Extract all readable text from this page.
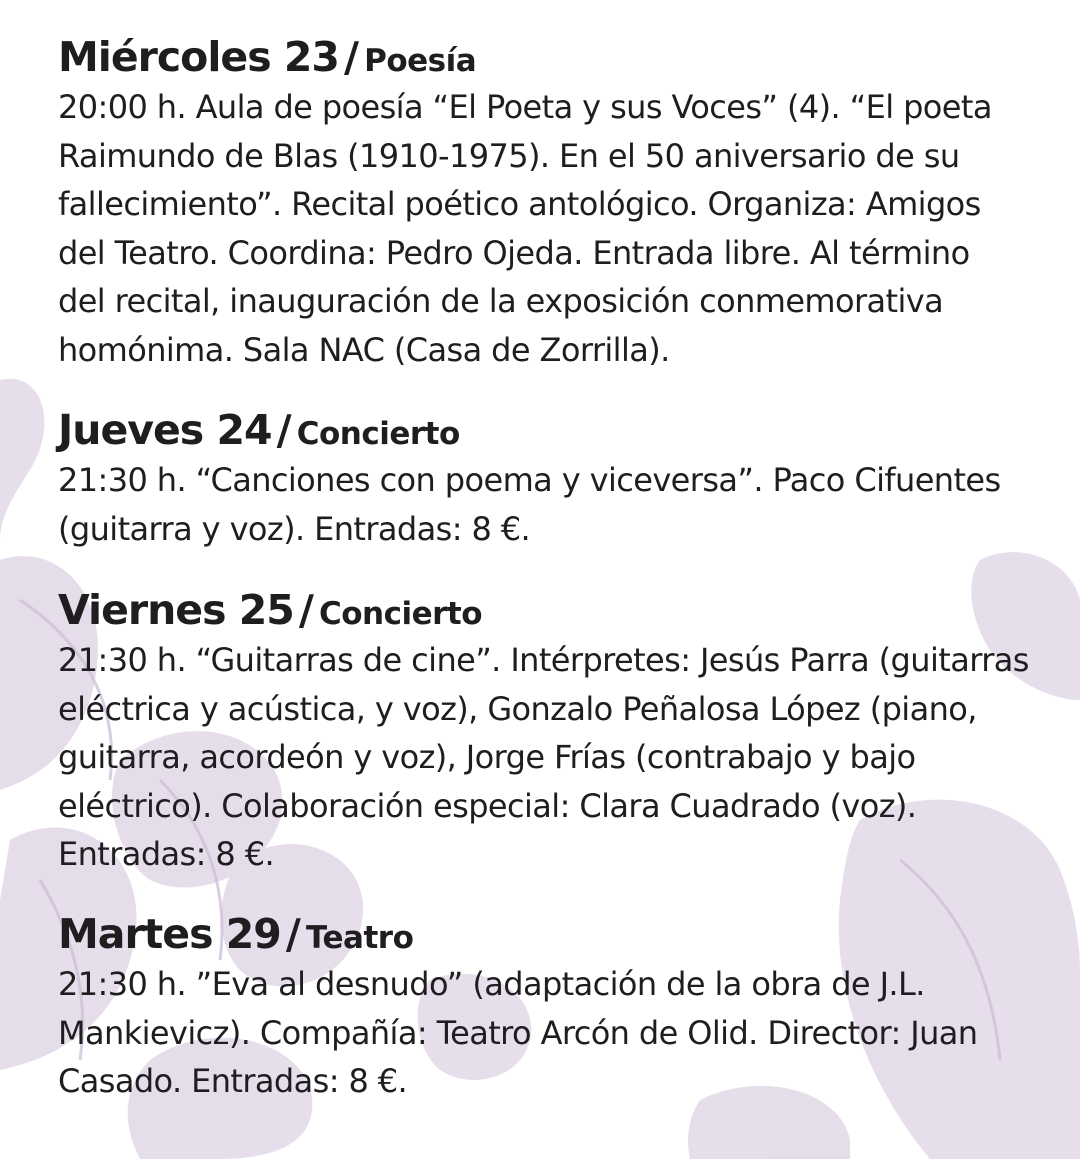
Miércoles 23 / Poesía

20:00 h. Aula de poesía “El Poeta y sus Voces” (4). “El poeta
Raimundo de Blas (1910-1975). En el 50 aniversario de su
fallecimiento”. Recital poético antológico. Organiza: Amigos
del Teatro. Coordina: Pedro Ojeda. Entrada libre. Al término
del recital, inauguración de la exposición conmemorativa
homónima. Sala NAC (Casa de Zorrilla).

Jueves 24 / Concierto

21:30 h. “Canciones con poema y viceversa”. Paco Cifuentes
(guitarra y voz). Entradas: 8 €.

Viernes 25 / Concierto

21:30 h. “Guitarras de cine”. Intérpretes: Jesús Parra (guitarras
eléctrica y acústica, y voz), Gonzalo Peñalosa López (piano,
guitarra, acordeón y voz), Jorge Frías (contrabajo y bajo
eléctrico). Colaboración especial: Clara Cuadrado (voz).
Entradas: 8 €.

Martes 29 / Teatro

21:30 h. ”Eva al desnudo” (adaptación de la obra de J.L.
Mankievicz). Compañía: Teatro Arcón de Olid. Director: Juan
Casado. Entradas: 8 €.
